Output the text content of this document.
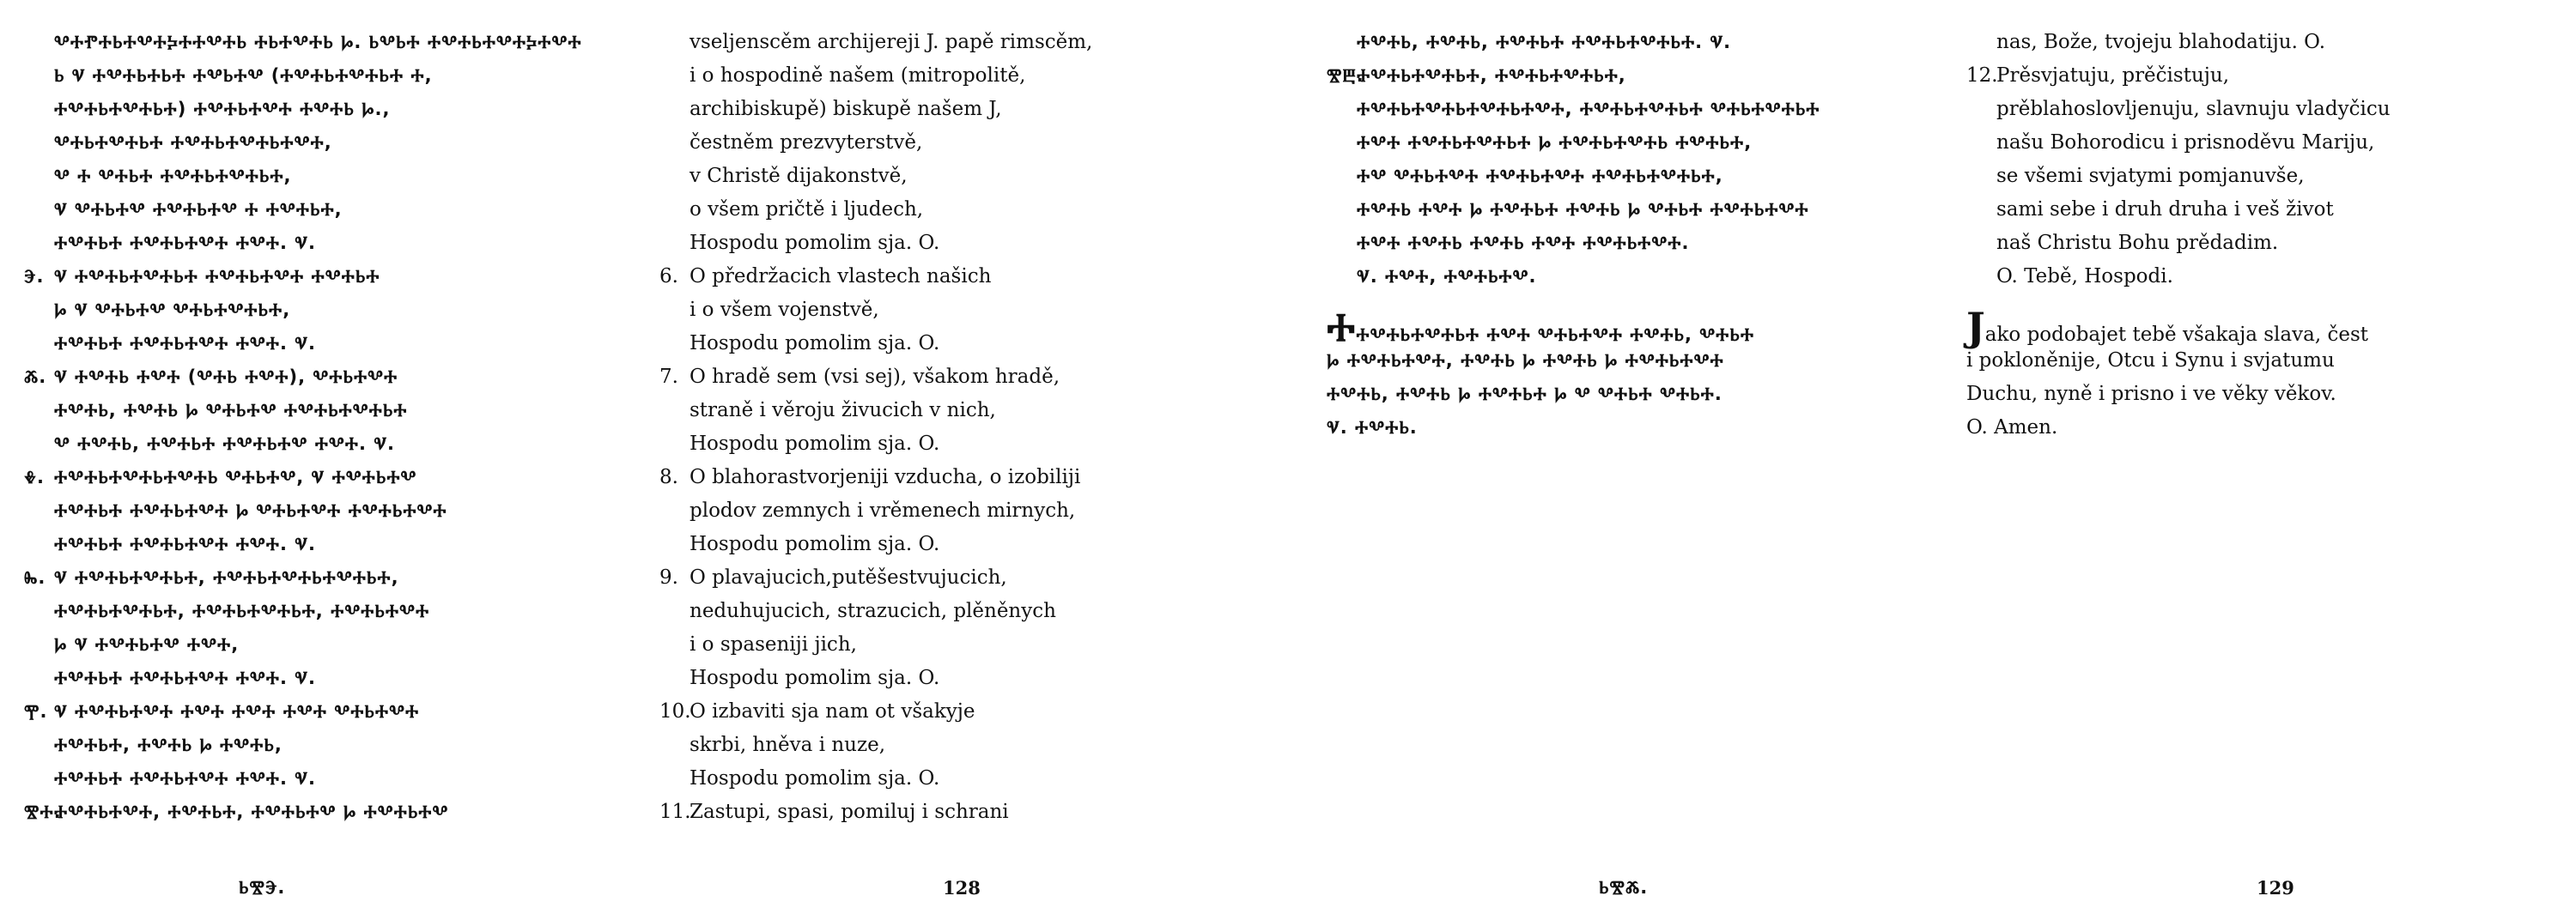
ⰂⰀⰒⰀⰓⰀⰂⰀⰍⰀⰀⰂⰀⰓ ⰀⰓⰀⰂⰀⰓ Ⱈ. ⰓⰂⰓⰀ ⰀⰂⰀⰓⰀⰂⰀⰍⰀⰂⰀ
Ⱃ Ⱌ ⰀⰂⰀⰓⰀⰓⰀ ⰀⰂⰓⰀⰂ (ⰀⰂⰀⰓⰀⰂⰀⰓⰀ Ⰰ,
ⰀⰂⰀⰓⰀⰂⰀⰓⰀ) ⰀⰂⰀⰓⰀⰂⰀ ⰀⰂⰀⰓ Ⱈ.,
ⰂⰀⰓⰀⰂⰀⰓⰀ ⰀⰂⰀⰓⰀⰂⰀⰓⰀⰂⰀ,
Ⰲ Ⰰ ⰂⰀⰓⰀ ⰀⰂⰀⰓⰀⰂⰀⰓⰀ,
Ⱌ ⰂⰀⰓⰀⰂ ⰀⰂⰀⰓⰀⰂ Ⰰ ⰀⰂⰀⰓⰀ,
ⰀⰂⰀⰓⰀ ⰀⰂⰀⰓⰀⰂⰀ ⰀⰂⰀ. Ⱌ.
Ⰵ. Ⱌ ⰀⰂⰀⰓⰀⰂⰀⰓⰀ ⰀⰂⰀⰓⰀⰂⰀ ⰀⰂⰀⰓⰀ
Ⱈ Ⱌ ⰂⰀⰓⰀⰂ ⰂⰀⰓⰀⰂⰀⰓⰀ,
ⰀⰂⰀⰓⰀ ⰀⰂⰀⰓⰀⰂⰀ ⰀⰂⰀ. Ⱌ.
Ⰶ. Ⱌ ⰀⰂⰀⰓ ⰀⰂⰀ (ⰂⰀⰓ ⰀⰂⰀ), ⰂⰀⰓⰀⰂⰀ
ⰀⰂⰀⰓ, ⰀⰂⰀⰓ Ⱈ ⰂⰀⰓⰀⰂ ⰀⰂⰀⰓⰀⰂⰀⰓⰀ
Ⰲ ⰀⰂⰀⰓ, ⰀⰂⰀⰓⰀ ⰀⰂⰀⰓⰀⰂ ⰀⰂⰀ. Ⱌ.
Ⰷ. ⰀⰂⰀⰓⰀⰂⰀⰓⰀⰂⰀⰓ ⰂⰀⰓⰀⰂ, Ⱌ ⰀⰂⰀⰓⰀⰂ
ⰀⰂⰀⰓⰀ ⰀⰂⰀⰓⰀⰂⰀ Ⱈ ⰂⰀⰓⰀⰂⰀ ⰀⰂⰀⰓⰀⰂⰀ
ⰀⰂⰀⰓⰀ ⰀⰂⰀⰓⰀⰂⰀ ⰀⰂⰀ. Ⱌ.
Ⰸ. Ⱌ ⰀⰂⰀⰓⰀⰂⰀⰓⰀ, ⰀⰂⰀⰓⰀⰂⰀⰓⰀⰂⰀⰓⰀ,
ⰀⰂⰀⰓⰀⰂⰀⰓⰀ, ⰀⰂⰀⰓⰀⰂⰀⰓⰀ, ⰀⰂⰀⰓⰀⰂⰀ
Ⱈ Ⱌ ⰀⰂⰀⰓⰀⰂ ⰀⰂⰀ,
ⰀⰂⰀⰓⰀ ⰀⰂⰀⰓⰀⰂⰀ ⰀⰂⰀ. Ⱌ.
Ⰹ. Ⱌ ⰀⰂⰀⰓⰀⰂⰀ ⰀⰂⰀ ⰀⰂⰀ ⰀⰂⰀ ⰂⰀⰓⰀⰂⰀ
ⰀⰂⰀⰓⰀ, ⰀⰂⰀⰓ Ⱈ ⰀⰂⰀⰓ,
ⰀⰂⰀⰓⰀ ⰀⰂⰀⰓⰀⰂⰀ ⰀⰂⰀ. Ⱌ.
ⰊⰀ.ⰀⰂⰀⰓⰀⰂⰀ, ⰀⰂⰀⰓⰀ, ⰀⰂⰀⰓⰀⰂ Ⱈ ⰀⰂⰀⰓⰀⰂ
vseljenscěm archijereji J. papě rimscěm,
i o hospodině našem (mitropolitě,
archibiskupě) biskupě našem J,
čestněm prezvyterstvě,
v Christě dijakonstvě,
o všem pričtě i ljudech,
Hospodu pomolim sja. O.
6. O předržacich vlastech našich
i o všem vojenstvě,
Hospodu pomolim sja. O.
7. O hradě sem (vsi sej), všakom hradě,
straně i věroju živucich v nich,
Hospodu pomolim sja. O.
8. O blahorastvorjeniji vzducha, o izobiliji
plodov zemnych i vrěmenech mirnych,
Hospodu pomolim sja. O.
9. O plavajucich,putěšestvujucich,
neduhujucich, strazucich, plěněnych
i o spaseniji jich,
Hospodu pomolim sja. O.
10.O izbaviti sja nam ot všakyje
skrbi, hněva i nuze,
Hospodu pomolim sja. O.
11.Zastupi, spasi, pomiluj i schrani
ⰀⰂⰀⰓ, ⰀⰂⰀⰓ, ⰀⰂⰀⰓⰀ ⰀⰂⰀⰓⰀⰂⰀⰓⰀ. Ⱌ.
ⰊⰁ.ⰀⰂⰀⰓⰀⰂⰀⰓⰀ, ⰀⰂⰀⰓⰀⰂⰀⰓⰀ,
ⰀⰂⰀⰓⰀⰂⰀⰓⰀⰂⰀⰓⰀⰂⰀ, ⰀⰂⰀⰓⰀⰂⰀⰓⰀ ⰂⰀⰓⰀⰂⰀⰓⰀ
ⰀⰂⰀ ⰀⰂⰀⰓⰀⰂⰀⰓⰀ Ⱈ ⰀⰂⰀⰓⰀⰂⰀⰓ ⰀⰂⰀⰓⰀ,
ⰀⰂ ⰂⰀⰓⰀⰂⰀ ⰀⰂⰀⰓⰀⰂⰀ ⰀⰂⰀⰓⰀⰂⰀⰓⰀ,
ⰀⰂⰀⰓ ⰀⰂⰀ Ⱈ ⰀⰂⰀⰓⰀ ⰀⰂⰀⰓ Ⱈ ⰂⰀⰓⰀ ⰀⰂⰀⰓⰀⰂⰀ
ⰀⰂⰀ ⰀⰂⰀⰓ ⰀⰂⰀⰓ ⰀⰂⰀ ⰀⰂⰀⰓⰀⰂⰀ.
Ⱌ. ⰀⰂⰀ, ⰀⰂⰀⰓⰀⰂ.
ⰀⰀⰂⰀⰓⰀⰂⰀⰓⰀ ⰀⰂⰀ ⰂⰀⰓⰀⰂⰀ ⰀⰂⰀⰓ, ⰂⰀⰓⰀ
Ⱈ ⰀⰂⰀⰓⰀⰂⰀ, ⰀⰂⰀⰓ Ⱈ ⰀⰂⰀⰓ Ⱈ ⰀⰂⰀⰓⰀⰂⰀ
ⰀⰂⰀⰓ, ⰀⰂⰀⰓ Ⱈ ⰀⰂⰀⰓⰀ Ⱈ Ⰲ ⰂⰀⰓⰀ ⰂⰀⰓⰀ.
Ⱌ. ⰀⰂⰀⰓ.
nas, Bože, tvojeju blahodatiju. O.
12.Prěsvjatuju, prěčistuju,
prěblahoslovljenuju, slavnuju vladyčicu
našu Bohorodicu i prisnoděvu Mariju,
se všemi svjatymi pomjanuvše,
sami sebe i druh druha i veš život
naš Christu Bohu prědadim.
O. Tebě, Hospodi.
Jako podobajet tebě všakaja slava, čest
i pokloněnije, Otcu i Synu i svjatumu
Duchu, nyně i prisno i ve věky věkov.
O. Amen.
ⰓⰊⰅ.	128	ⰓⰊⰆ.	129
